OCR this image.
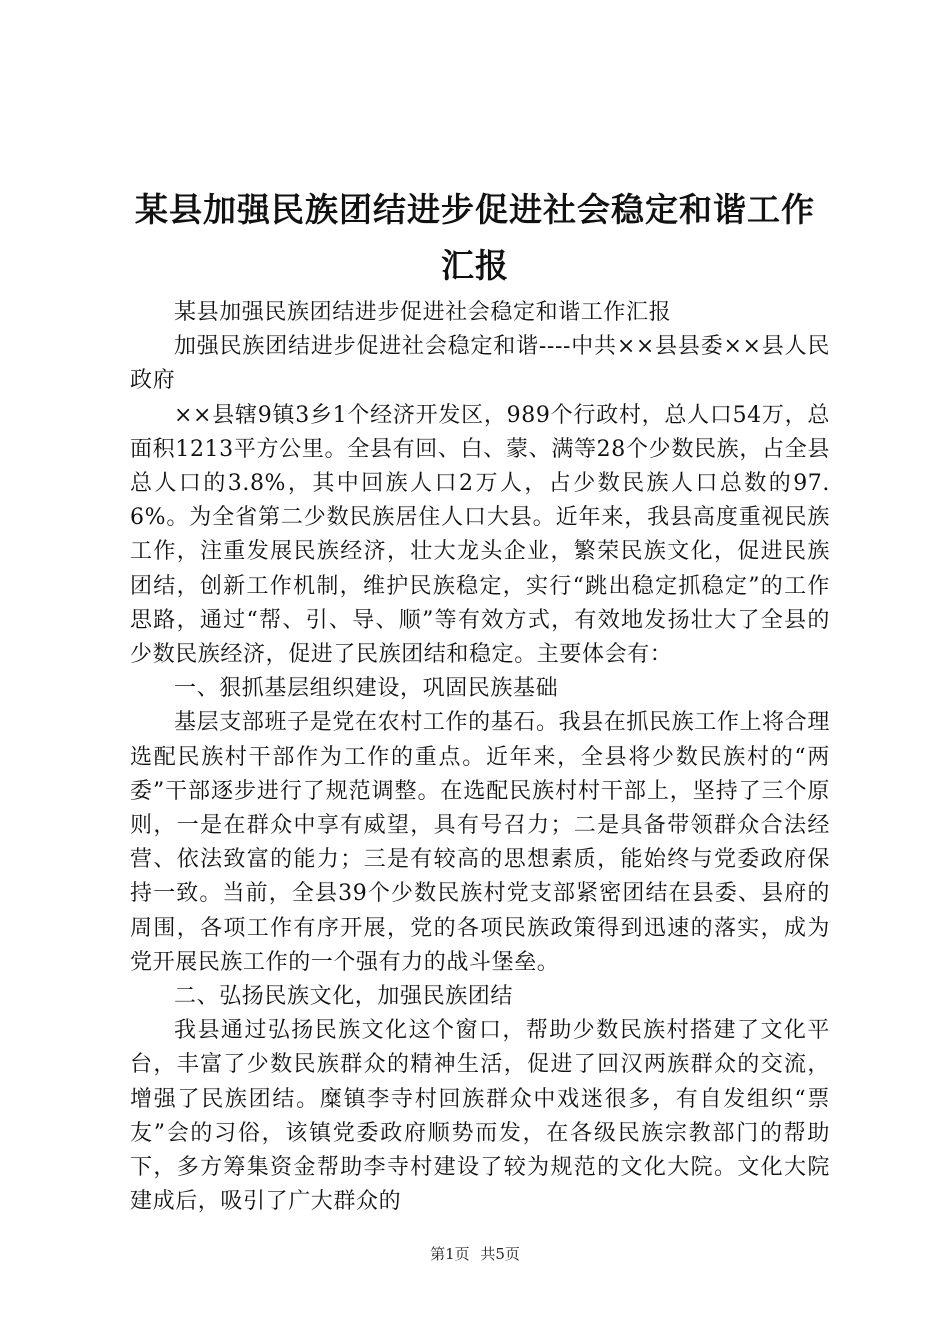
某县加强民族团结进步促进社会稳定和谐工作
汇报

某县加强民族团结进步促进社会稳定和谐工作汇报

加强民族团结进步促进社会稳定和谐----中共××县县委××县人民政府

××县辖9镇3乡1个经济开发区，989个行政村，总人口54万，总面积1213平方公里。全县有回、白、蒙、满等28个少数民族，占全县总人口的3.8%，其中回族人口2万人，占少数民族人口总数的97.6%。为全省第二少数民族居住人口大县。近年来，我县高度重视民族工作，注重发展民族经济，壮大龙头企业，繁荣民族文化，促进民族团结，创新工作机制，维护民族稳定，实行“跳出稳定抓稳定”的工作思路，通过“帮、引、导、顺”等有效方式，有效地发扬壮大了全县的少数民族经济，促进了民族团结和稳定。主要体会有：

一、狠抓基层组织建设，巩固民族基础

基层支部班子是党在农村工作的基石。我县在抓民族工作上将合理选配民族村干部作为工作的重点。近年来，全县将少数民族村的“两委”干部逐步进行了规范调整。在选配民族村村干部上，坚持了三个原则，一是在群众中享有威望，具有号召力；二是具备带领群众合法经营、依法致富的能力；三是有较高的思想素质，能始终与党委政府保持一致。当前，全县39个少数民族村党支部紧密团结在县委、县府的周围，各项工作有序开展，党的各项民族政策得到迅速的落实，成为党开展民族工作的一个强有力的战斗堡垒。

二、弘扬民族文化，加强民族团结

我县通过弘扬民族文化这个窗口，帮助少数民族村搭建了文化平台，丰富了少数民族群众的精神生活，促进了回汉两族群众的交流，增强了民族团结。糜镇李寺村回族群众中戏迷很多，有自发组织“票友”会的习俗，该镇党委政府顺势而发，在各级民族宗教部门的帮助下，多方筹集资金帮助李寺村建设了较为规范的文化大院。文化大院建成后，吸引了广大群众的

第1页 共5页
